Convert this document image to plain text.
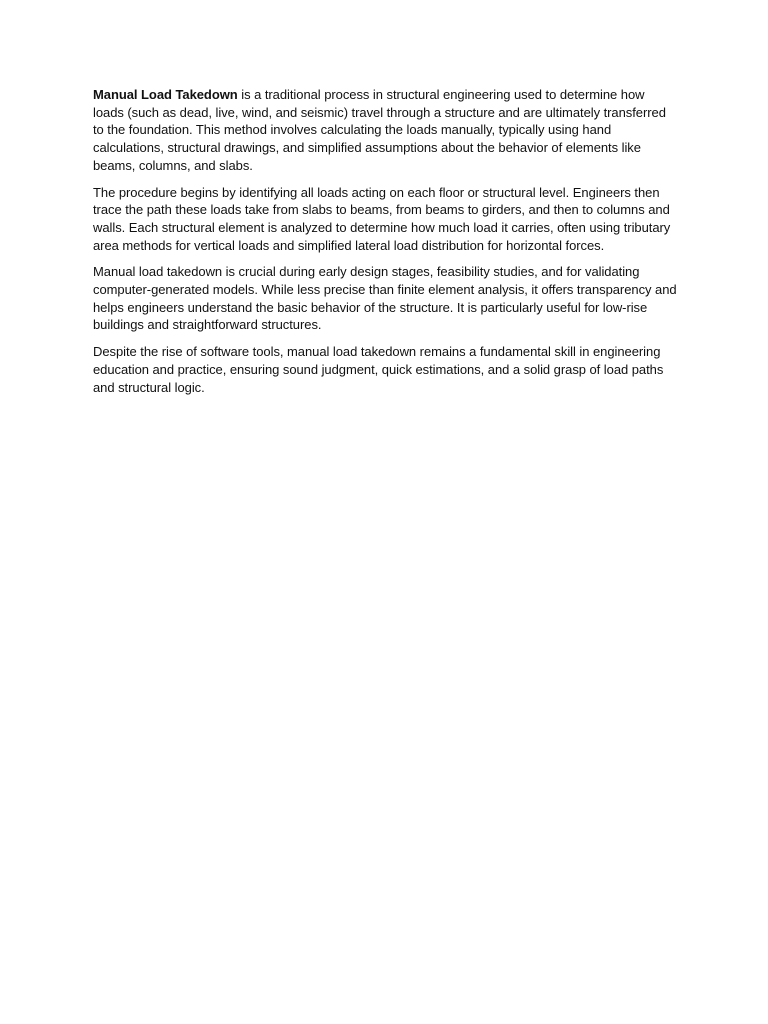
Manual Load Takedown is a traditional process in structural engineering used to determine how loads (such as dead, live, wind, and seismic) travel through a structure and are ultimately transferred to the foundation. This method involves calculating the loads manually, typically using hand calculations, structural drawings, and simplified assumptions about the behavior of elements like beams, columns, and slabs.

The procedure begins by identifying all loads acting on each floor or structural level. Engineers then trace the path these loads take from slabs to beams, from beams to girders, and then to columns and walls. Each structural element is analyzed to determine how much load it carries, often using tributary area methods for vertical loads and simplified lateral load distribution for horizontal forces.

Manual load takedown is crucial during early design stages, feasibility studies, and for validating computer-generated models. While less precise than finite element analysis, it offers transparency and helps engineers understand the basic behavior of the structure. It is particularly useful for low-rise buildings and straightforward structures.

Despite the rise of software tools, manual load takedown remains a fundamental skill in engineering education and practice, ensuring sound judgment, quick estimations, and a solid grasp of load paths and structural logic.
